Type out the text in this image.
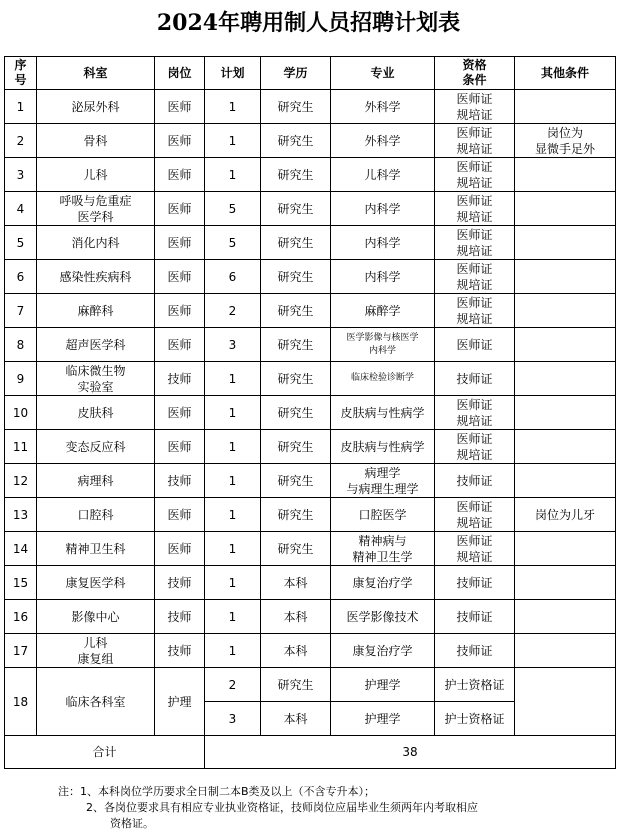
2024年聘用制人员招聘计划表
序
号	科室	岗位	计划	学历	专业	资格
条件	其他条件
1	泌尿外科	医师	1	研究生	外科学	医师证
规培证	

2	骨科	医师	1	研究生	外科学	医师证
规培证	岗位为
显微手足外

3	儿科	医师	1	研究生	儿科学	医师证
规培证	

4	呼吸与危重症
医学科	医师	5	研究生	内科学	医师证
规培证	

5	消化内科	医师	5	研究生	内科学	医师证
规培证	

6	感染性疾病科	医师	6	研究生	内科学	医师证
规培证	

7	麻醉科	医师	2	研究生	麻醉学	医师证
规培证	

8	超声医学科	医师	3	研究生	医学影像与核医学
内科学	医师证	

9	临床微生物
实验室	技师	1	研究生	临床检验诊断学	技师证	

10	皮肤科	医师	1	研究生	皮肤病与性病学	医师证
规培证	

11	变态反应科	医师	1	研究生	皮肤病与性病学	医师证
规培证	

12	病理科	技师	1	研究生	病理学
与病理生理学	技师证	

13	口腔科	医师	1	研究生	口腔医学	医师证
规培证	岗位为儿牙

14	精神卫生科	医师	1	研究生	精神病与
精神卫生学	医师证
规培证	

15	康复医学科	技师	1	本科	康复治疗学	技师证	

16	影像中心	技师	1	本科	医学影像技术	技师证	

17	儿科
康复组	技师	1	本科	康复治疗学	技师证	

18	临床各科室	护理	2	研究生	护理学	护士资格证	
			3	本科	护理学	护士资格证	
合计			38				
注：1、本科岗位学历要求全日制二本B类及以上（不含专升本）；
2、各岗位要求具有相应专业执业资格证，技师岗位应届毕业生须两年内考取相应
资格证。
